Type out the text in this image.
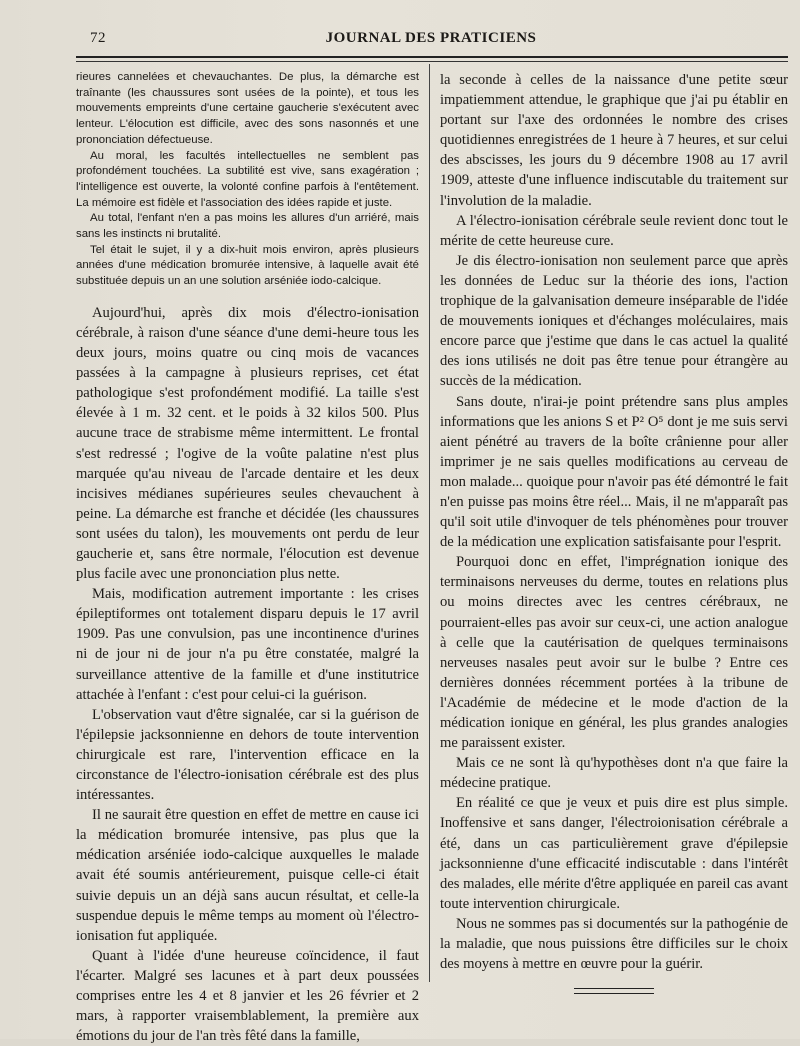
72	JOURNAL DES PRATICIENS

rieures cannelées et chevauchantes. De plus, la démarche est traînante (les chaussures sont usées de la pointe), et tous les mouvements empreints d'une certaine gaucherie s'exécutent avec lenteur. L'élocution est difficile, avec des sons nasonnés et une prononciation défectueuse.

Au moral, les facultés intellectuelles ne semblent pas profondément touchées. La subtilité est vive, sans exagération ; l'intelligence est ouverte, la volonté confine parfois à l'entêtement. La mémoire est fidèle et l'association des idées rapide et juste.

Au total, l'enfant n'en a pas moins les allures d'un arriéré, mais sans les instincts ni brutalité.

Tel était le sujet, il y a dix-huit mois environ, après plusieurs années d'une médication bromurée intensive, à laquelle avait été substituée depuis un an une solution arséniée iodo-calcique.

Aujourd'hui, après dix mois d'électro-ionisation cérébrale, à raison d'une séance d'une demi-heure tous les deux jours, moins quatre ou cinq mois de vacances passées à la campagne à plusieurs reprises, cet état pathologique s'est profondément modifié. La taille s'est élevée à 1 m. 32 cent. et le poids à 32 kilos 500. Plus aucune trace de strabisme même intermittent. Le frontal s'est redressé ; l'ogive de la voûte palatine n'est plus marquée qu'au niveau de l'arcade dentaire et les deux incisives médianes supérieures seules chevauchent à peine. La démarche est franche et décidée (les chaussures sont usées du talon), les mouvements ont perdu de leur gaucherie et, sans être normale, l'élocution est devenue plus facile avec une prononciation plus nette.

Mais, modification autrement importante : les crises épileptiformes ont totalement disparu depuis le 17 avril 1909. Pas une convulsion, pas une incontinence d'urines ni de jour ni de jour n'a pu être constatée, malgré la surveillance attentive de la famille et d'une institutrice attachée à l'enfant : c'est pour celui-ci la guérison.

L'observation vaut d'être signalée, car si la guérison de l'épilepsie jacksonnienne en dehors de toute intervention chirurgicale est rare, l'intervention efficace en la circonstance de l'électro-ionisation cérébrale est des plus intéressantes.

Il ne saurait être question en effet de mettre en cause ici la médication bromurée intensive, pas plus que la médication arséniée iodo-calcique auxquelles le malade avait été soumis antérieurement, puisque celle-ci était suivie depuis un an déjà sans aucun résultat, et celle-la suspendue depuis le même temps au moment où l'électro-ionisation fut appliquée.

Quant à l'idée d'une heureuse coïncidence, il faut l'écarter. Malgré ses lacunes et à part deux poussées comprises entre les 4 et 8 janvier et les 26 février et 2 mars, à rapporter vraisemblablement, la première aux émotions du jour de l'an très fêté dans la famille,

la seconde à celles de la naissance d'une petite sœur impatiemment attendue, le graphique que j'ai pu établir en portant sur l'axe des ordonnées le nombre des crises quotidiennes enregistrées de 1 heure à 7 heures, et sur celui des abscisses, les jours du 9 décembre 1908 au 17 avril 1909, atteste d'une influence indiscutable du traitement sur l'involution de la maladie.

A l'électro-ionisation cérébrale seule revient donc tout le mérite de cette heureuse cure.

Je dis électro-ionisation non seulement parce que après les données de Leduc sur la théorie des ions, l'action trophique de la galvanisation demeure inséparable de l'idée de mouvements ioniques et d'échanges moléculaires, mais encore parce que j'estime que dans le cas actuel la qualité des ions utilisés ne doit pas être tenue pour étrangère au succès de la médication.

Sans doute, n'irai-je point prétendre sans plus amples informations que les anions S et P² O⁵ dont je me suis servi aient pénétré au travers de la boîte crânienne pour aller imprimer je ne sais quelles modifications au cerveau de mon malade... quoique pour n'avoir pas été démontré le fait n'en puisse pas moins être réel... Mais, il ne m'apparaît pas qu'il soit utile d'invoquer de tels phénomènes pour trouver de la médication une explication satisfaisante pour l'esprit.

Pourquoi donc en effet, l'imprégnation ionique des terminaisons nerveuses du derme, toutes en relations plus ou moins directes avec les centres cérébraux, ne pourraient-elles pas avoir sur ceux-ci, une action analogue à celle que la cautérisation de quelques terminaisons nerveuses nasales peut avoir sur le bulbe ? Entre ces dernières données récemment portées à la tribune de l'Académie de médecine et le mode d'action de la médication ionique en général, les plus grandes analogies me paraissent exister.

Mais ce ne sont là qu'hypothèses dont n'a que faire la médecine pratique.

En réalité ce que je veux et puis dire est plus simple. Inoffensive et sans danger, l'électroionisation cérébrale a été, dans un cas particulièrement grave d'épilepsie jacksonnienne d'une efficacité indiscutable : dans l'intérêt des malades, elle mérite d'être appliquée en pareil cas avant toute intervention chirurgicale.

Nous ne sommes pas si documentés sur la pathogénie de la maladie, que nous puissions être difficiles sur le choix des moyens à mettre en œuvre pour la guérir.
